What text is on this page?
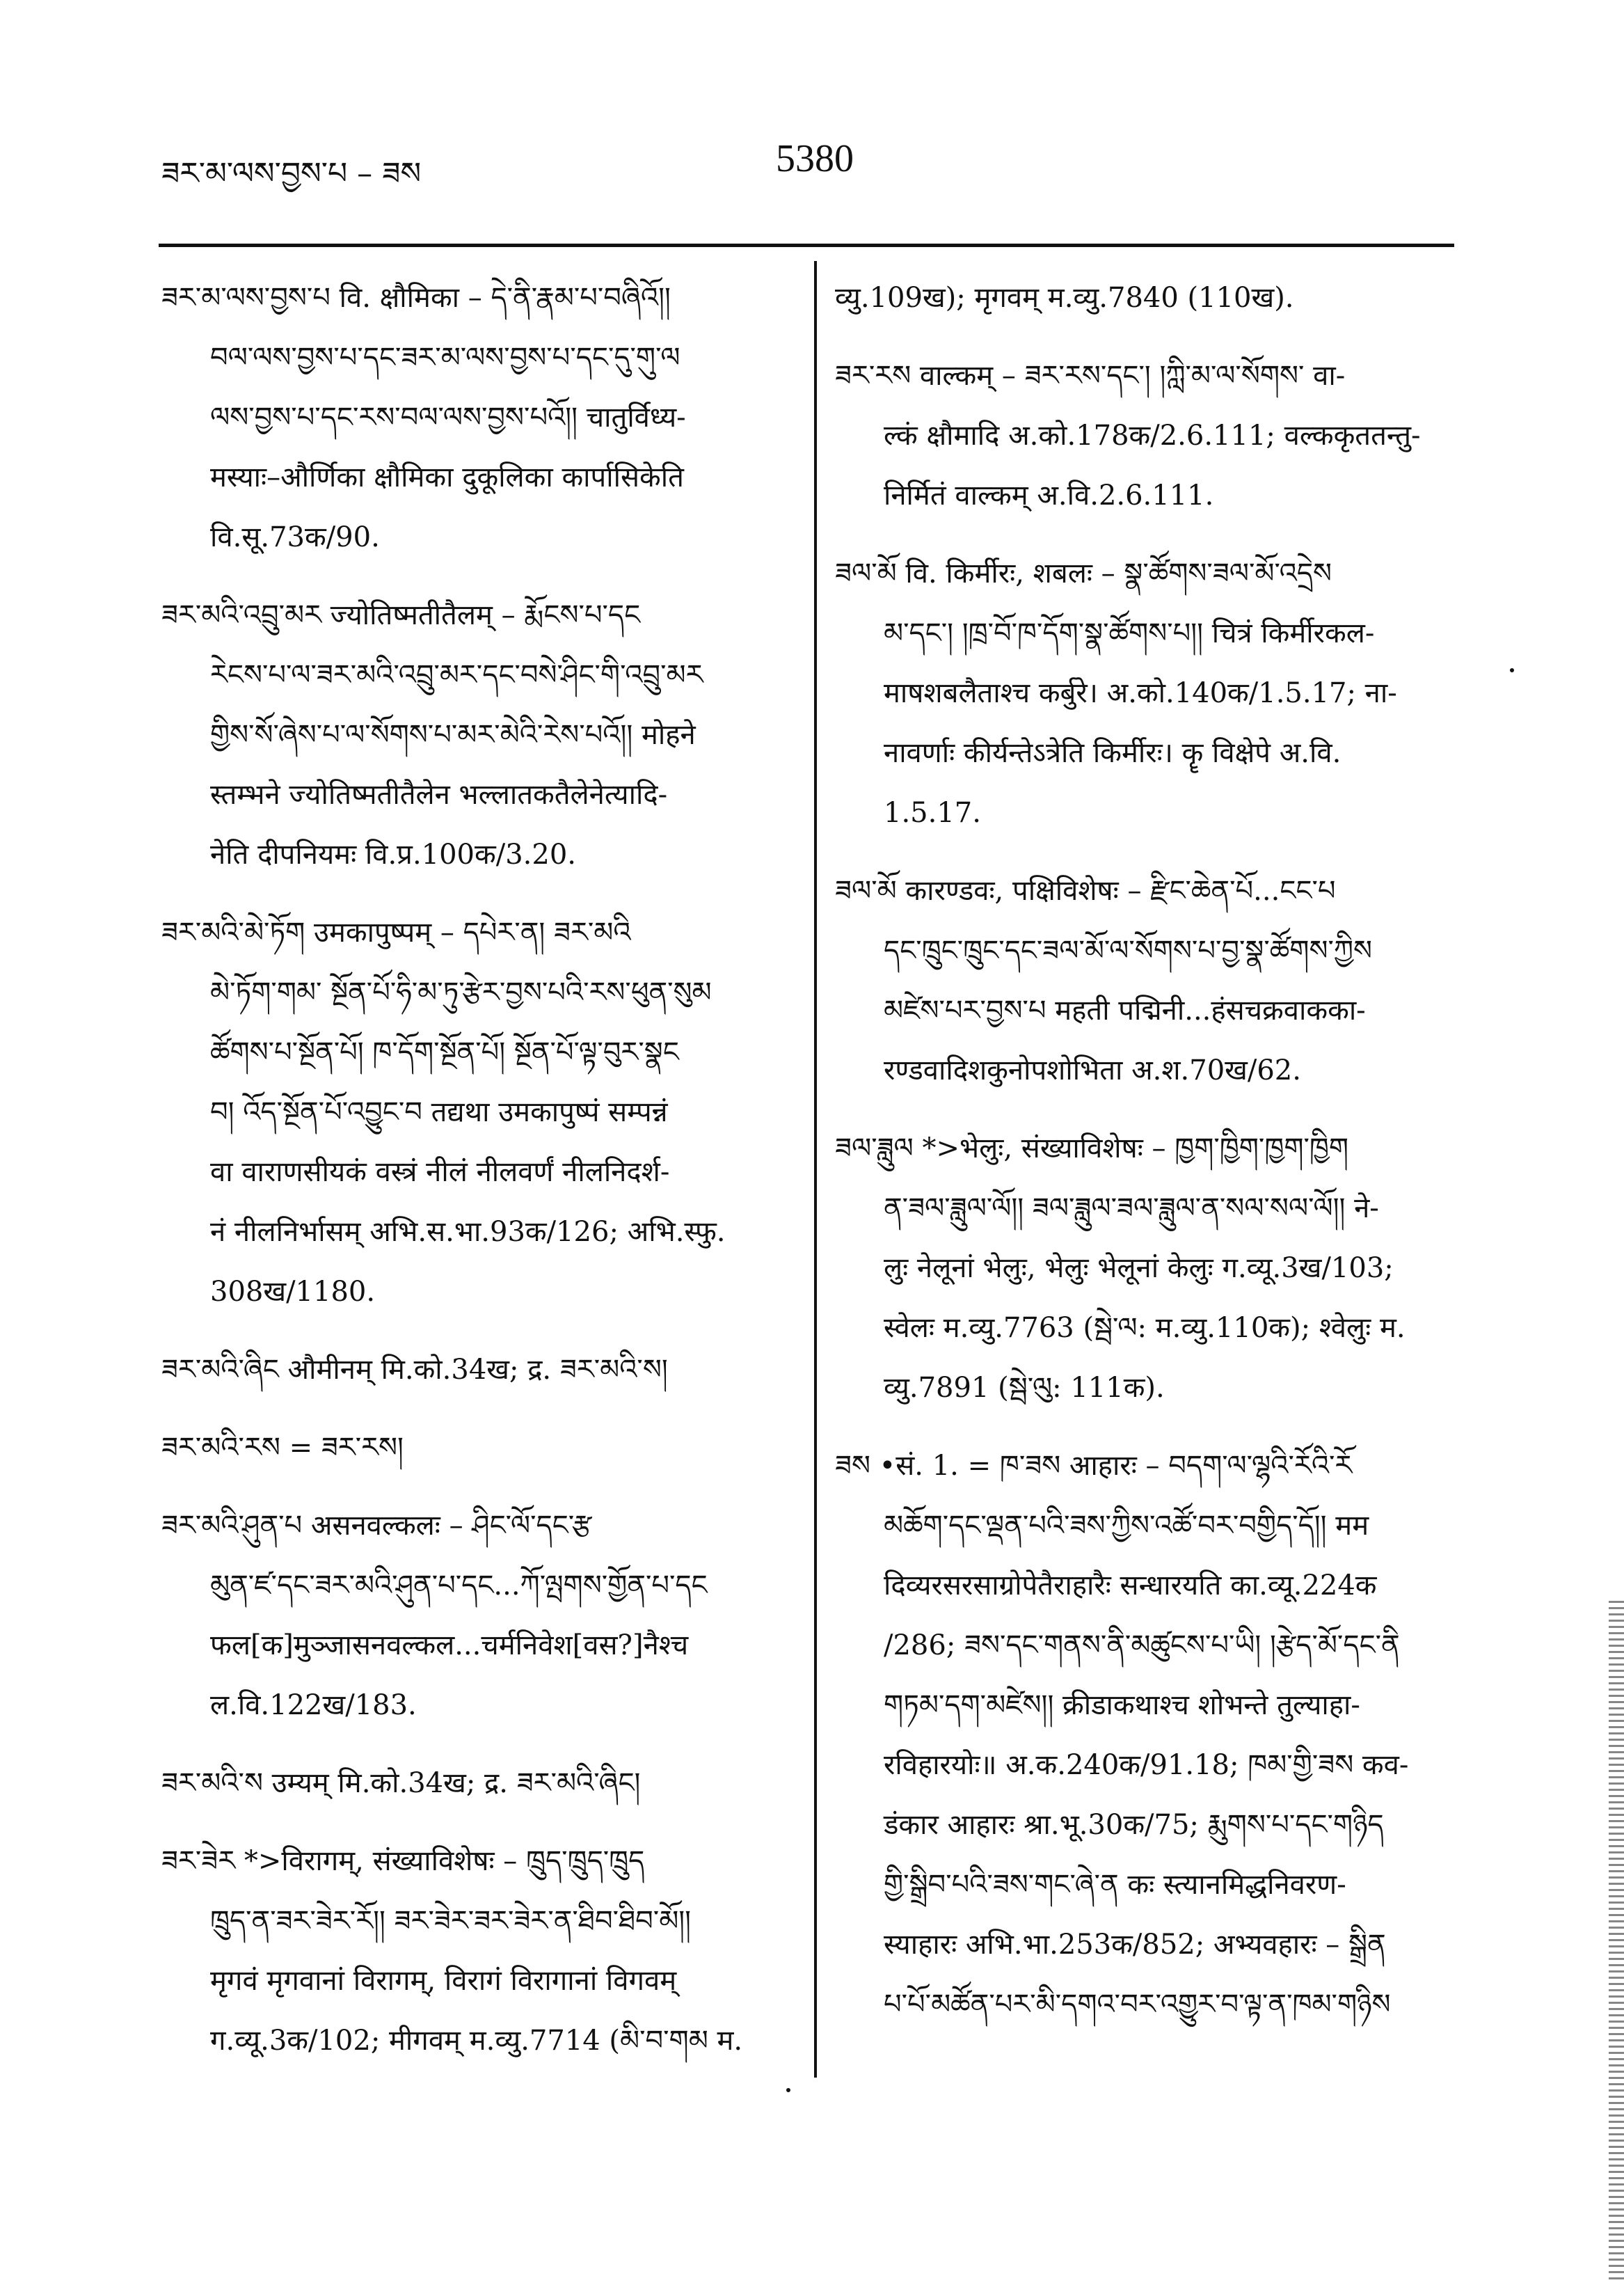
ཟར་མ་ལས་བྱས་པ – ཟས	5380
ཟར་མ་ལས་བྱས་པ वि. क्षौमिका – དེ་ནི་རྣམ་པ་བཞིའོ།།
བལ་ལས་བྱས་པ་དང་ཟར་མ་ལས་བྱས་པ་དང་དུ་གུ་ལ
ལས་བྱས་པ་དང་རས་བལ་ལས་བྱས་པའོ།། चातुर्विध्य-
मस्याः–और्णिका क्षौमिका दुकूलिका कार्पासिकेति
वि.सू.73क/90.
ཟར་མའི་འབྲུ་མར ज्योतिष्मतीतैलम् – རྨོངས་པ་དང
རེངས་པ་ལ་ཟར་མའི་འབྲུ་མར་དང་བསེ་ཤིང་གི་འབྲུ་མར
གྱིས་སོ་ཞེས་པ་ལ་སོགས་པ་མར་མེའི་རེས་པའོ།། मोहने
स्तम्भने ज्योतिष्मतीतैलेन भल्लातकतैलेनेत्यादि-
नेति दीपनियमः वि.प्र.100क/3.20.
ཟར་མའི་མེ་ཏོག उमकापुष्पम् – དཔེར་ན། ཟར་མའི
མེ་ཏོག་གམ་ སྔོན་པོ་ཧི་མ་ཏུ་རྩེར་བྱས་པའི་རས་ཕུན་སུམ
ཚོགས་པ་སྔོན་པོ། ཁ་དོག་སྔོན་པོ། སྔོན་པོ་ལྟ་བུར་སྣང
བ། འོད་སྔོན་པོ་འབྱུང་བ तद्यथा उमकापुष्पं सम्पन्नं
वा वाराणसीयकं वस्त्रं नीलं नीलवर्णं नीलनिदर्श-
नं नीलनिर्भासम् अभि.स.भा.93क/126; अभि.स्फु.
308ख/1180.
ཟར་མའི་ཞིང औमीनम् मि.को.34ख; द्र. ཟར་མའི་ས།
ཟར་མའི་རས = ཟར་རས།
ཟར་མའི་ཤུན་པ असनवल्कलः – ཤིང་ལོ་དང་རྩ
མུན་ཛ་དང་ཟར་མའི་ཤུན་པ་དང...ཀོ་ལྤགས་གྱོན་པ་དང
फल[क]मुञ्जासनवल्कल...चर्मनिवेश[वस?]नैश्च
ल.वि.122ख/183.
ཟར་མའི་ས उम्यम् मि.को.34ख; द्र. ཟར་མའི་ཞིང།
ཟར་ཟེར *>विरागम्, संख्याविशेषः – ཁྲུད་ཁྲུད་ཁྲུད
ཁྲུད་ན་ཟར་ཟེར་རོ།། ཟར་ཟེར་ཟར་ཟེར་ན་ཐིབ་ཐིབ་མོ།།
मृगवं मृगवानां विरागम्, विरागं विरागानां विगवम्
ग.व्यू.3क/102; मीगवम् म.व्यु.7714 (མི་བ་གམ म.
व्यु.109ख); मृगवम् म.व्यु.7840 (110ख).
ཟར་རས वाल्कम् – ཟར་རས་དང་། །ཀླི་མ་ལ་སོགས་ वा-
ल्कं क्षौमादि अ.को.178क/2.6.111; वल्ककृततन्तु-
निर्मितं वाल्कम् अ.वि.2.6.111.
ཟལ་མོ वि. किर्मीरः, शबलः – སྣ་ཚོགས་ཟལ་མོ་འདྲེས
མ་དང་། །ཁྲ་བོ་ཁ་དོག་སྣ་ཚོགས་པ།། चित्रं किर्मीरकल-
माषशबलैताश्च कर्बुरे। अ.को.140क/1.5.17; ना-
नावर्णाः कीर्यन्तेऽत्रेति किर्मीरः। कॄ विक्षेपे अ.वि.
1.5.17.
ཟལ་མོ कारण्डवः, पक्षिविशेषः – རྫིང་ཆེན་པོ...ངང་པ
དང་ཁྲུང་ཁྲུང་དང་ཟལ་མོ་ལ་སོགས་པ་བྱ་སྣ་ཚོགས་ཀྱིས
མཛེས་པར་བྱས་པ महती पद्मिनी...हंसचक्रवाकका-
रण्डवादिशकुनोपशोभिता अ.श.70ख/62.
ཟལ་ཟླུལ *>भेलुः, संख्याविशेषः – ཁྱག་ཁྱིག་ཁྱག་ཁྱིག
ན་ཟལ་ཟླུལ་ལོ།། ཟལ་ཟླུལ་ཟལ་ཟླུལ་ན་སལ་སལ་ལོ།། ने-
लुः नेलूनां भेलुः, भेलुः भेलूनां केलुः ग.व्यू.3ख/103;
स्वेलः म.व्यु.7763 (སྦེ་ལ: म.व्यु.110क); श्वेलुः म.
व्यु.7891 (སྦེ་ལུ: 111क).
ཟས •सं. 1. = ཁ་ཟས आहारः – བདག་ལ་ལྷའི་རོའི་རོ
མཆོག་དང་ལྡན་པའི་ཟས་ཀྱིས་འཚོ་བར་བགྱིད་དོ།། मम
दिव्यरसरसाग्रोपेतैराहारैः सन्धारयति का.व्यू.224क
/286; ཟས་དང་གནས་ནི་མཚུངས་པ་ཡི། །རྩེད་མོ་དང་ནི
གཏམ་དག་མཛེས།། क्रीडाकथाश्च शोभन्ते तुल्याहा-
रविहारयोः॥ अ.क.240क/91.18; ཁམ་གྱི་ཟས कव-
डंकार आहारः श्रा.भू.30क/75; རྨུགས་པ་དང་གཉིད
གྱི་སྒྲིབ་པའི་ཟས་གང་ཞེ་ན कः स्त्यानमिद्धनिवरण-
स्याहारः अभि.भा.253क/852; अभ्यवहारः – སྒྲིན
པ་པོ་མཚོན་པར་མི་དགའ་བར་འགྱུར་བ་ལྟ་ན་ཁམ་གཉིས
